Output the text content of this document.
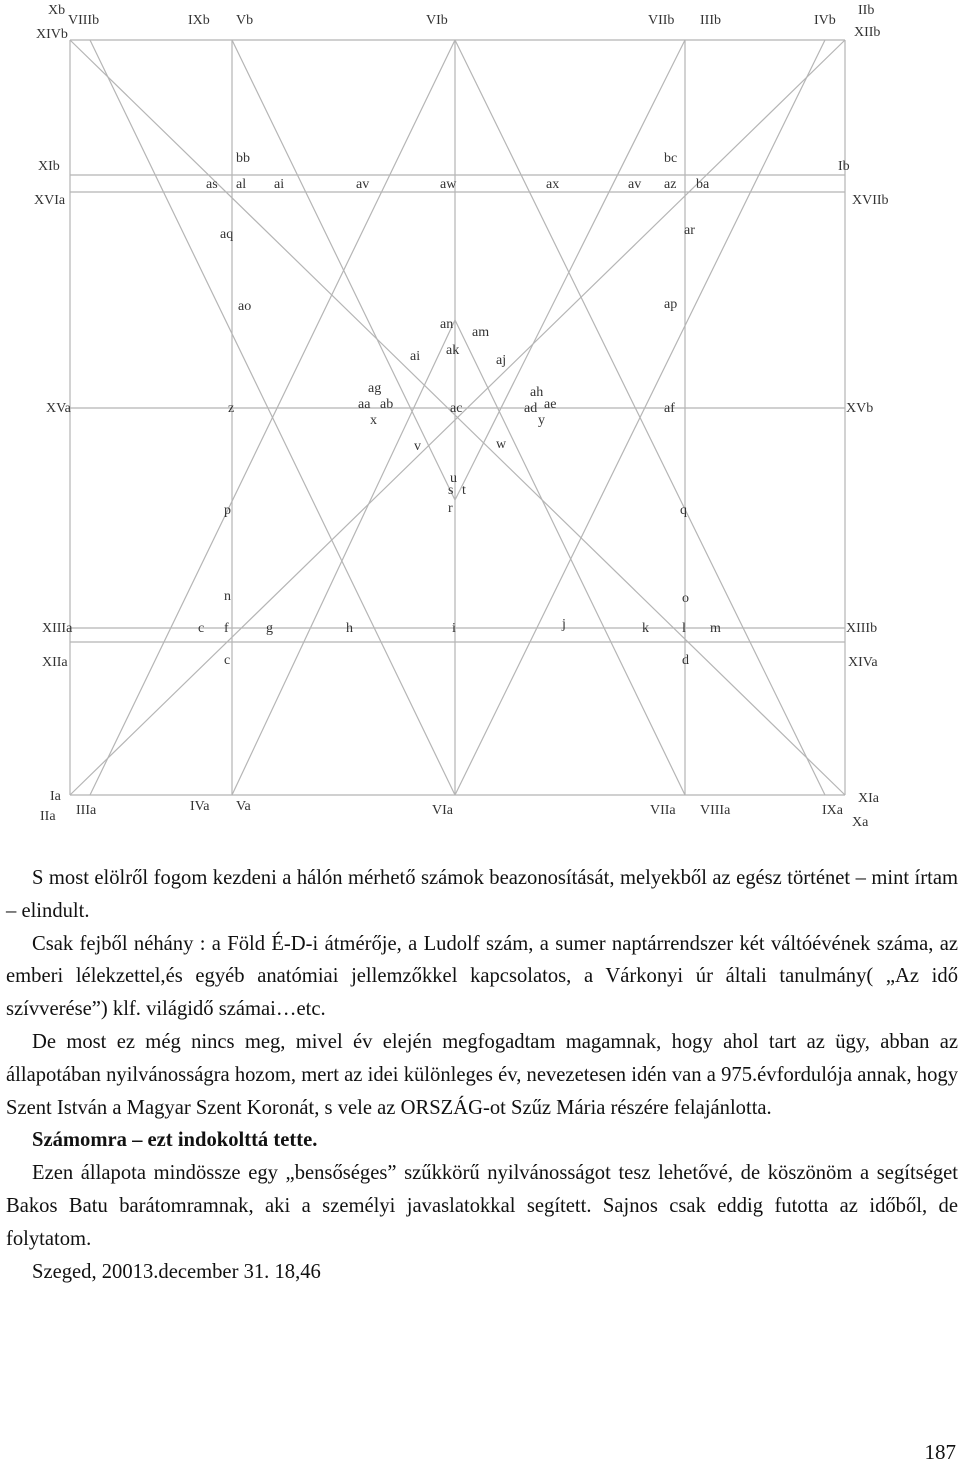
Xb
XIVb
VIIIb	IXb Vb	VIb	VIIb IIIb	IVb
IIb
XIIb
XIb
XVIa
bb	bc
Ib
XVIIb
as al ai	av	aw	ax	av az ba
aq	ar
ao	ap
an
am
ak
ai	aj
ag	ah
XVa	z	aa ab
x
ac	ad ae
y
af	XVb
v	w
u
s t
r
p	q
n	o
XIIIa	c f	g	h	i	j	k l m	XIIIb
XIIa	c	d	XIVa
Ia
IIa IIIa	IVa Va	VIa	VIIa VIIIa	IXa
XIa
Xa

S most elölről fogom kezdeni a hálón mérhető számok beazonosítását, melyekből az egész történet – mint írtam – elindult.

Csak fejből néhány : a Föld É-D-i átmérője, a Ludolf szám, a sumer naptárrendszer két váltóévének száma, az emberi lélekzettel,és egyéb anatómiai jellemzőkkel kapcsolatos, a Várkonyi úr általi tanulmány( „Az idő szívverése”) klf. világidő számai…etc.

De most ez még nincs meg, mivel év elején megfogadtam magamnak, hogy ahol tart az ügy, abban az állapotában nyilvánosságra hozom, mert az idei különleges év, nevezetesen idén van a 975.évfordulója annak, hogy Szent István a Magyar Szent Koronát, s vele az ORSZÁG-ot Szűz Mária részére felajánlotta.

Számomra – ezt indokolttá tette.

Ezen állapota mindössze egy „bensőséges” szűkkörű nyilvánosságot tesz lehetővé, de köszönöm a segítséget Bakos Batu barátomramnak, aki a személyi javaslatokkal segített. Sajnos csak eddig futotta az időből, de folytatom.

Szeged, 20013.december 31. 18,46

187
